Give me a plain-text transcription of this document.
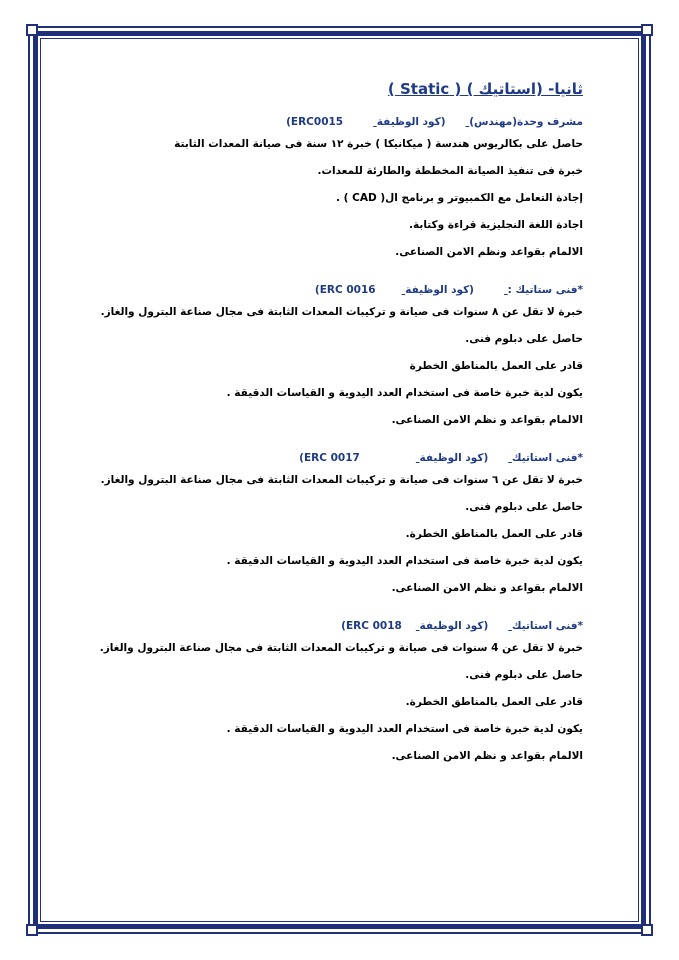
ثانيا- (استاتيك ) ( Static )
مشرف وحدة(مهندس) (كود الوظيفة ERC0015)
حاصل على بكالريوس هندسة ( ميكانيكا ) خبرة ١٢ سنة فى صيانة المعدات الثابتة
خبرة فى تنفيذ الصيانة المخططة والطارئة للمعدات.
إجادة التعامل مع الكمبيوتر و برنامج ال( CAD ) .
اجادة اللغة النجليزية قراءة وكتابة.
الالمام بقواعد ونظم الامن الصناعى.
*فنى ستاتيك : (كود الوظيفة ERC 0016)
خبرة لا تقل عن ٨ سنوات فى صيانة و تركيبات المعدات الثابتة فى مجال صناعة البترول والغاز.
حاصل على دبلوم فنى.
قادر على العمل بالمناطق الخطرة
يكون لدية خبرة خاصة فى استخدام العدد اليدوية و القياسات الدقيقة .
الالمام بقواعد و نظم الامن الصناعى.
*فنى استاتيك (كود الوظيفة ERC 0017)
خبرة لا تقل عن ٦ سنوات فى صيانة و تركيبات المعدات الثابتة فى مجال صناعة البترول والغاز.
حاصل على دبلوم فنى.
قادر على العمل بالمناطق الخطرة.
يكون لدية خبرة خاصة فى استخدام العدد اليدوية و القياسات الدقيقة .
الالمام بقواعد و نظم الامن الصناعى.
*فنى استاتيك (كود الوظيفة ERC 0018)
خبرة لا تقل عن 4 سنوات فى صيانة و تركيبات المعدات الثابتة فى مجال صناعة البترول والغاز.
حاصل على دبلوم فنى.
قادر على العمل بالمناطق الخطرة.
يكون لدية خبرة خاصة فى استخدام العدد اليدوية و القياسات الدقيقة .
الالمام بقواعد و نظم الامن الصناعى.
